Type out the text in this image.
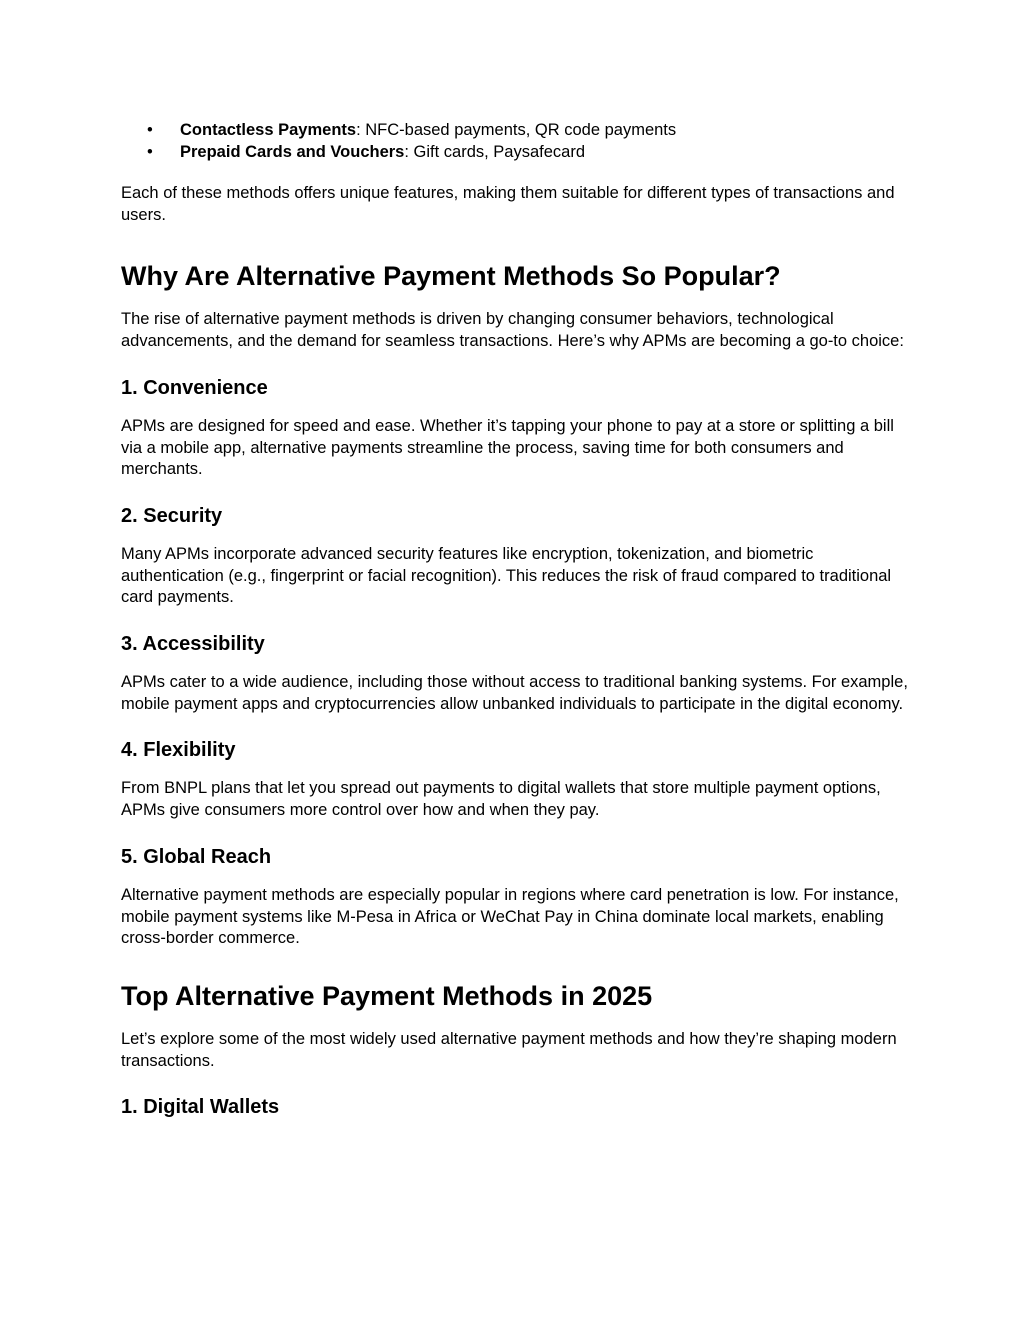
• Contactless Payments: NFC-based payments, QR code payments
• Prepaid Cards and Vouchers: Gift cards, Paysafecard

Each of these methods offers unique features, making them suitable for different types of transactions and users.

Why Are Alternative Payment Methods So Popular?

The rise of alternative payment methods is driven by changing consumer behaviors, technological advancements, and the demand for seamless transactions. Here’s why APMs are becoming a go-to choice:

1. Convenience

APMs are designed for speed and ease. Whether it’s tapping your phone to pay at a store or splitting a bill via a mobile app, alternative payments streamline the process, saving time for both consumers and merchants.

2. Security

Many APMs incorporate advanced security features like encryption, tokenization, and biometric authentication (e.g., fingerprint or facial recognition). This reduces the risk of fraud compared to traditional card payments.

3. Accessibility

APMs cater to a wide audience, including those without access to traditional banking systems. For example, mobile payment apps and cryptocurrencies allow unbanked individuals to participate in the digital economy.

4. Flexibility

From BNPL plans that let you spread out payments to digital wallets that store multiple payment options, APMs give consumers more control over how and when they pay.

5. Global Reach

Alternative payment methods are especially popular in regions where card penetration is low. For instance, mobile payment systems like M-Pesa in Africa or WeChat Pay in China dominate local markets, enabling cross-border commerce.

Top Alternative Payment Methods in 2025

Let’s explore some of the most widely used alternative payment methods and how they’re shaping modern transactions.

1. Digital Wallets
